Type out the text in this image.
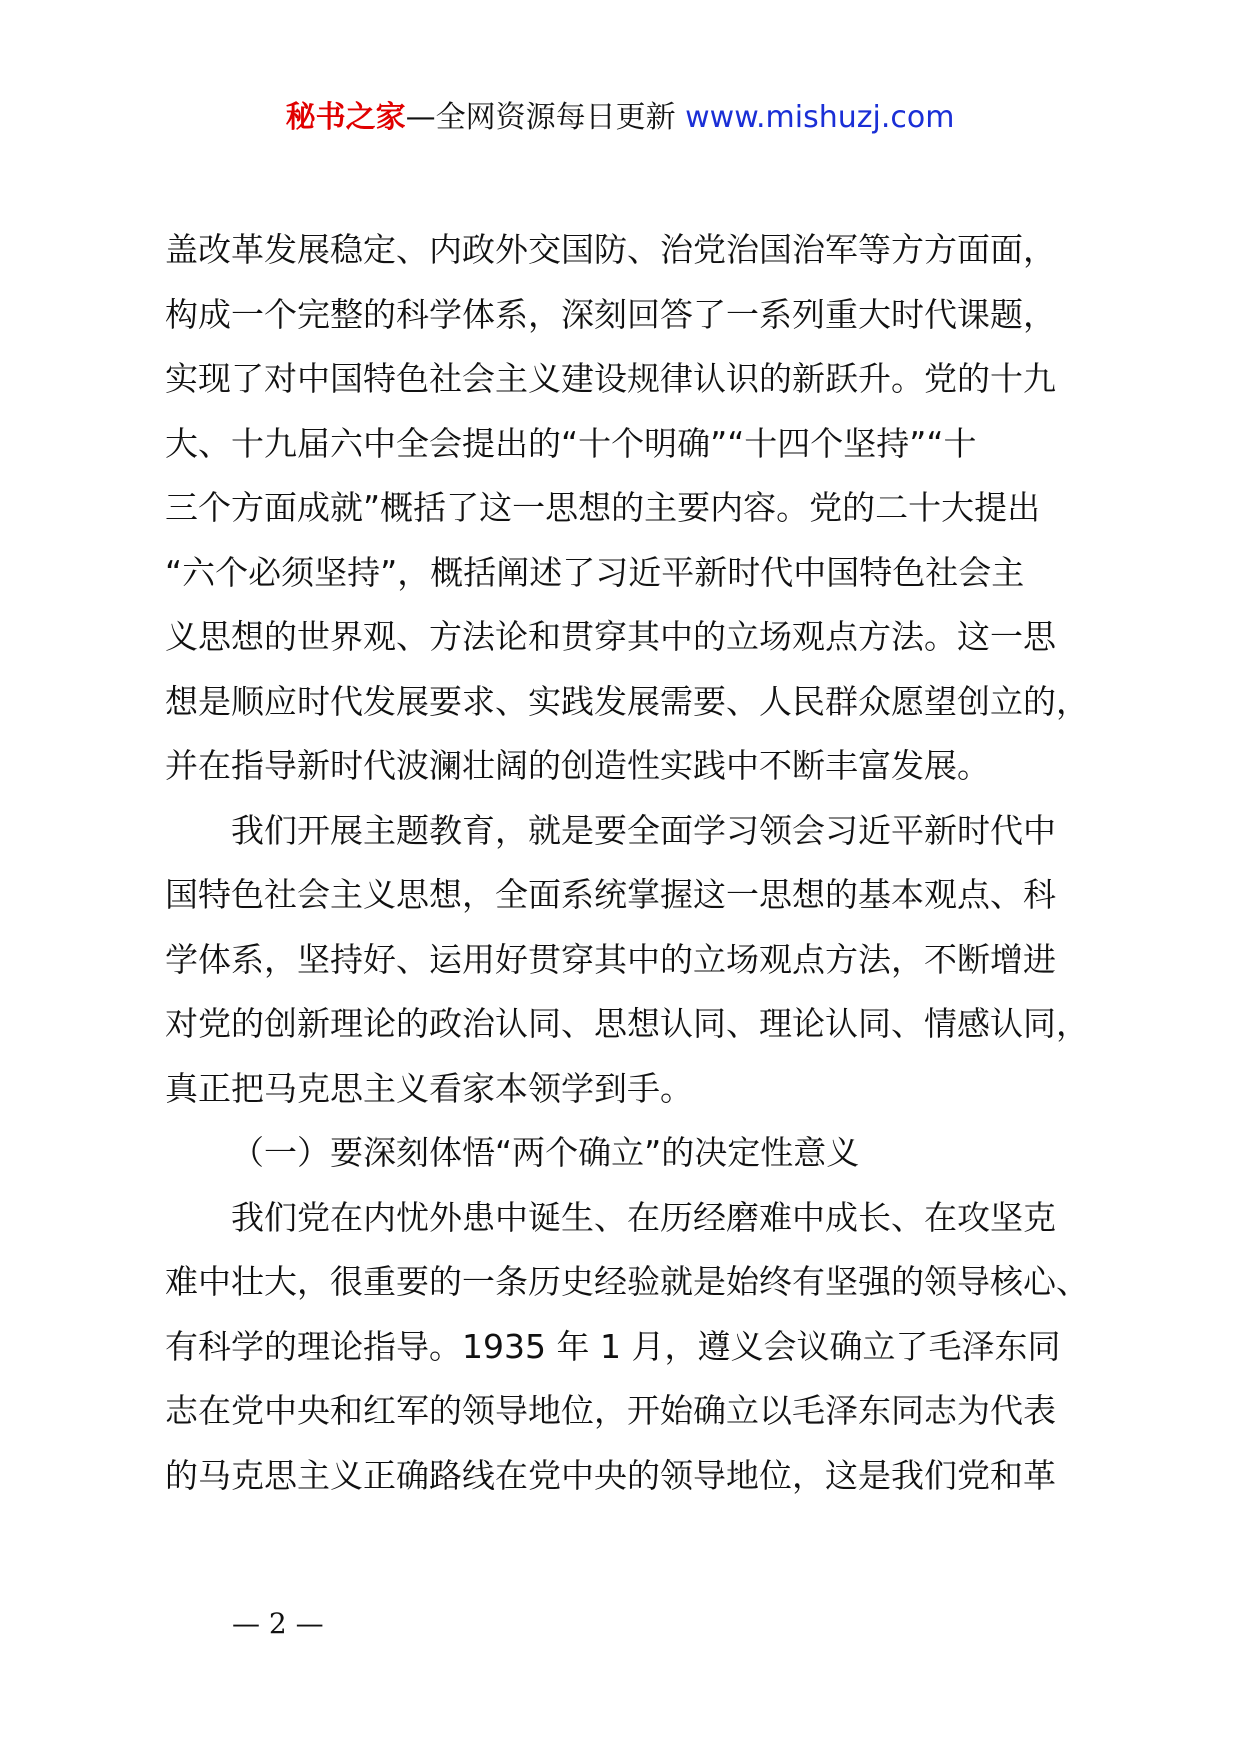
秘书之家—全网资源每日更新 www.mishuzj.com
盖改革发展稳定、内政外交国防、治党治国治军等方方面面，
构成一个完整的科学体系，深刻回答了一系列重大时代课题，
实现了对中国特色社会主义建设规律认识的新跃升。党的十九
大、十九届六中全会提出的“十个明确”“十四个坚持”“十
三个方面成就”概括了这一思想的主要内容。党的二十大提出
“六个必须坚持”，概括阐述了习近平新时代中国特色社会主
义思想的世界观、方法论和贯穿其中的立场观点方法。这一思
想是顺应时代发展要求、实践发展需要、人民群众愿望创立的，
并在指导新时代波澜壮阔的创造性实践中不断丰富发展。
我们开展主题教育，就是要全面学习领会习近平新时代中
国特色社会主义思想，全面系统掌握这一思想的基本观点、科
学体系，坚持好、运用好贯穿其中的立场观点方法，不断增进
对党的创新理论的政治认同、思想认同、理论认同、情感认同，
真正把马克思主义看家本领学到手。
（一）要深刻体悟“两个确立”的决定性意义
我们党在内忧外患中诞生、在历经磨难中成长、在攻坚克
难中壮大，很重要的一条历史经验就是始终有坚强的领导核心、
有科学的理论指导。1935 年 1 月，遵义会议确立了毛泽东同
志在党中央和红军的领导地位，开始确立以毛泽东同志为代表
的马克思主义正确路线在党中央的领导地位，这是我们党和革
— 2 —
